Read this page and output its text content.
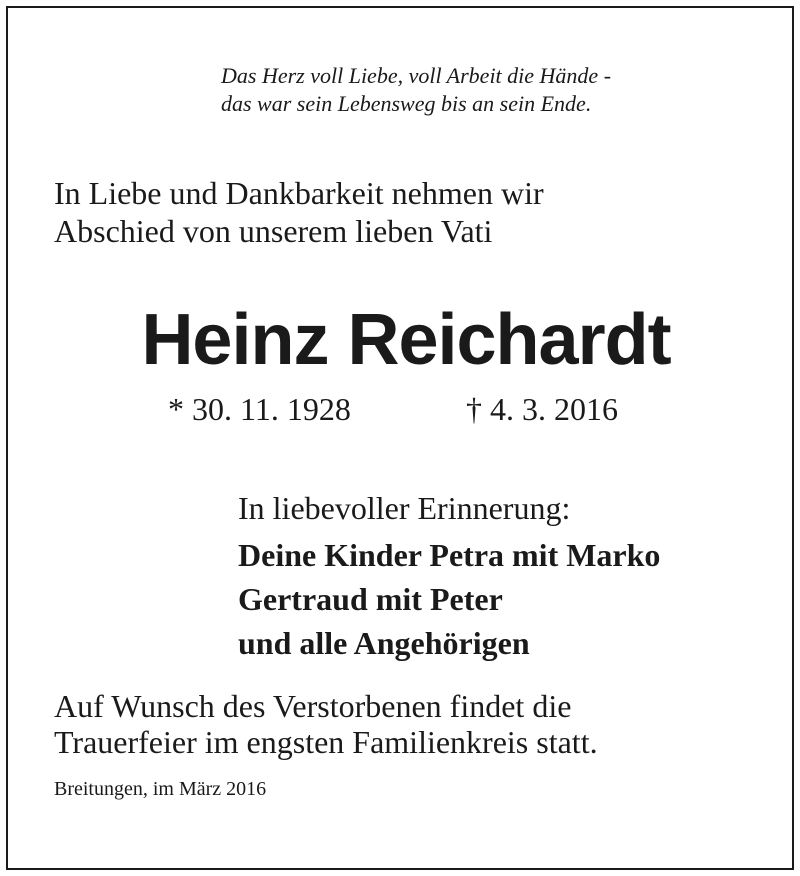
Das Herz voll Liebe, voll Arbeit die Hände -
das war sein Lebensweg bis an sein Ende.
In Liebe und Dankbarkeit nehmen wir
Abschied von unserem lieben Vati
Heinz Reichardt
* 30. 11. 1928	† 4. 3. 2016
In liebevoller Erinnerung:
Deine Kinder Petra mit Marko
Gertraud mit Peter
und alle Angehörigen
Auf Wunsch des Verstorbenen findet die
Trauerfeier im engsten Familienkreis statt.
Breitungen, im März 2016
